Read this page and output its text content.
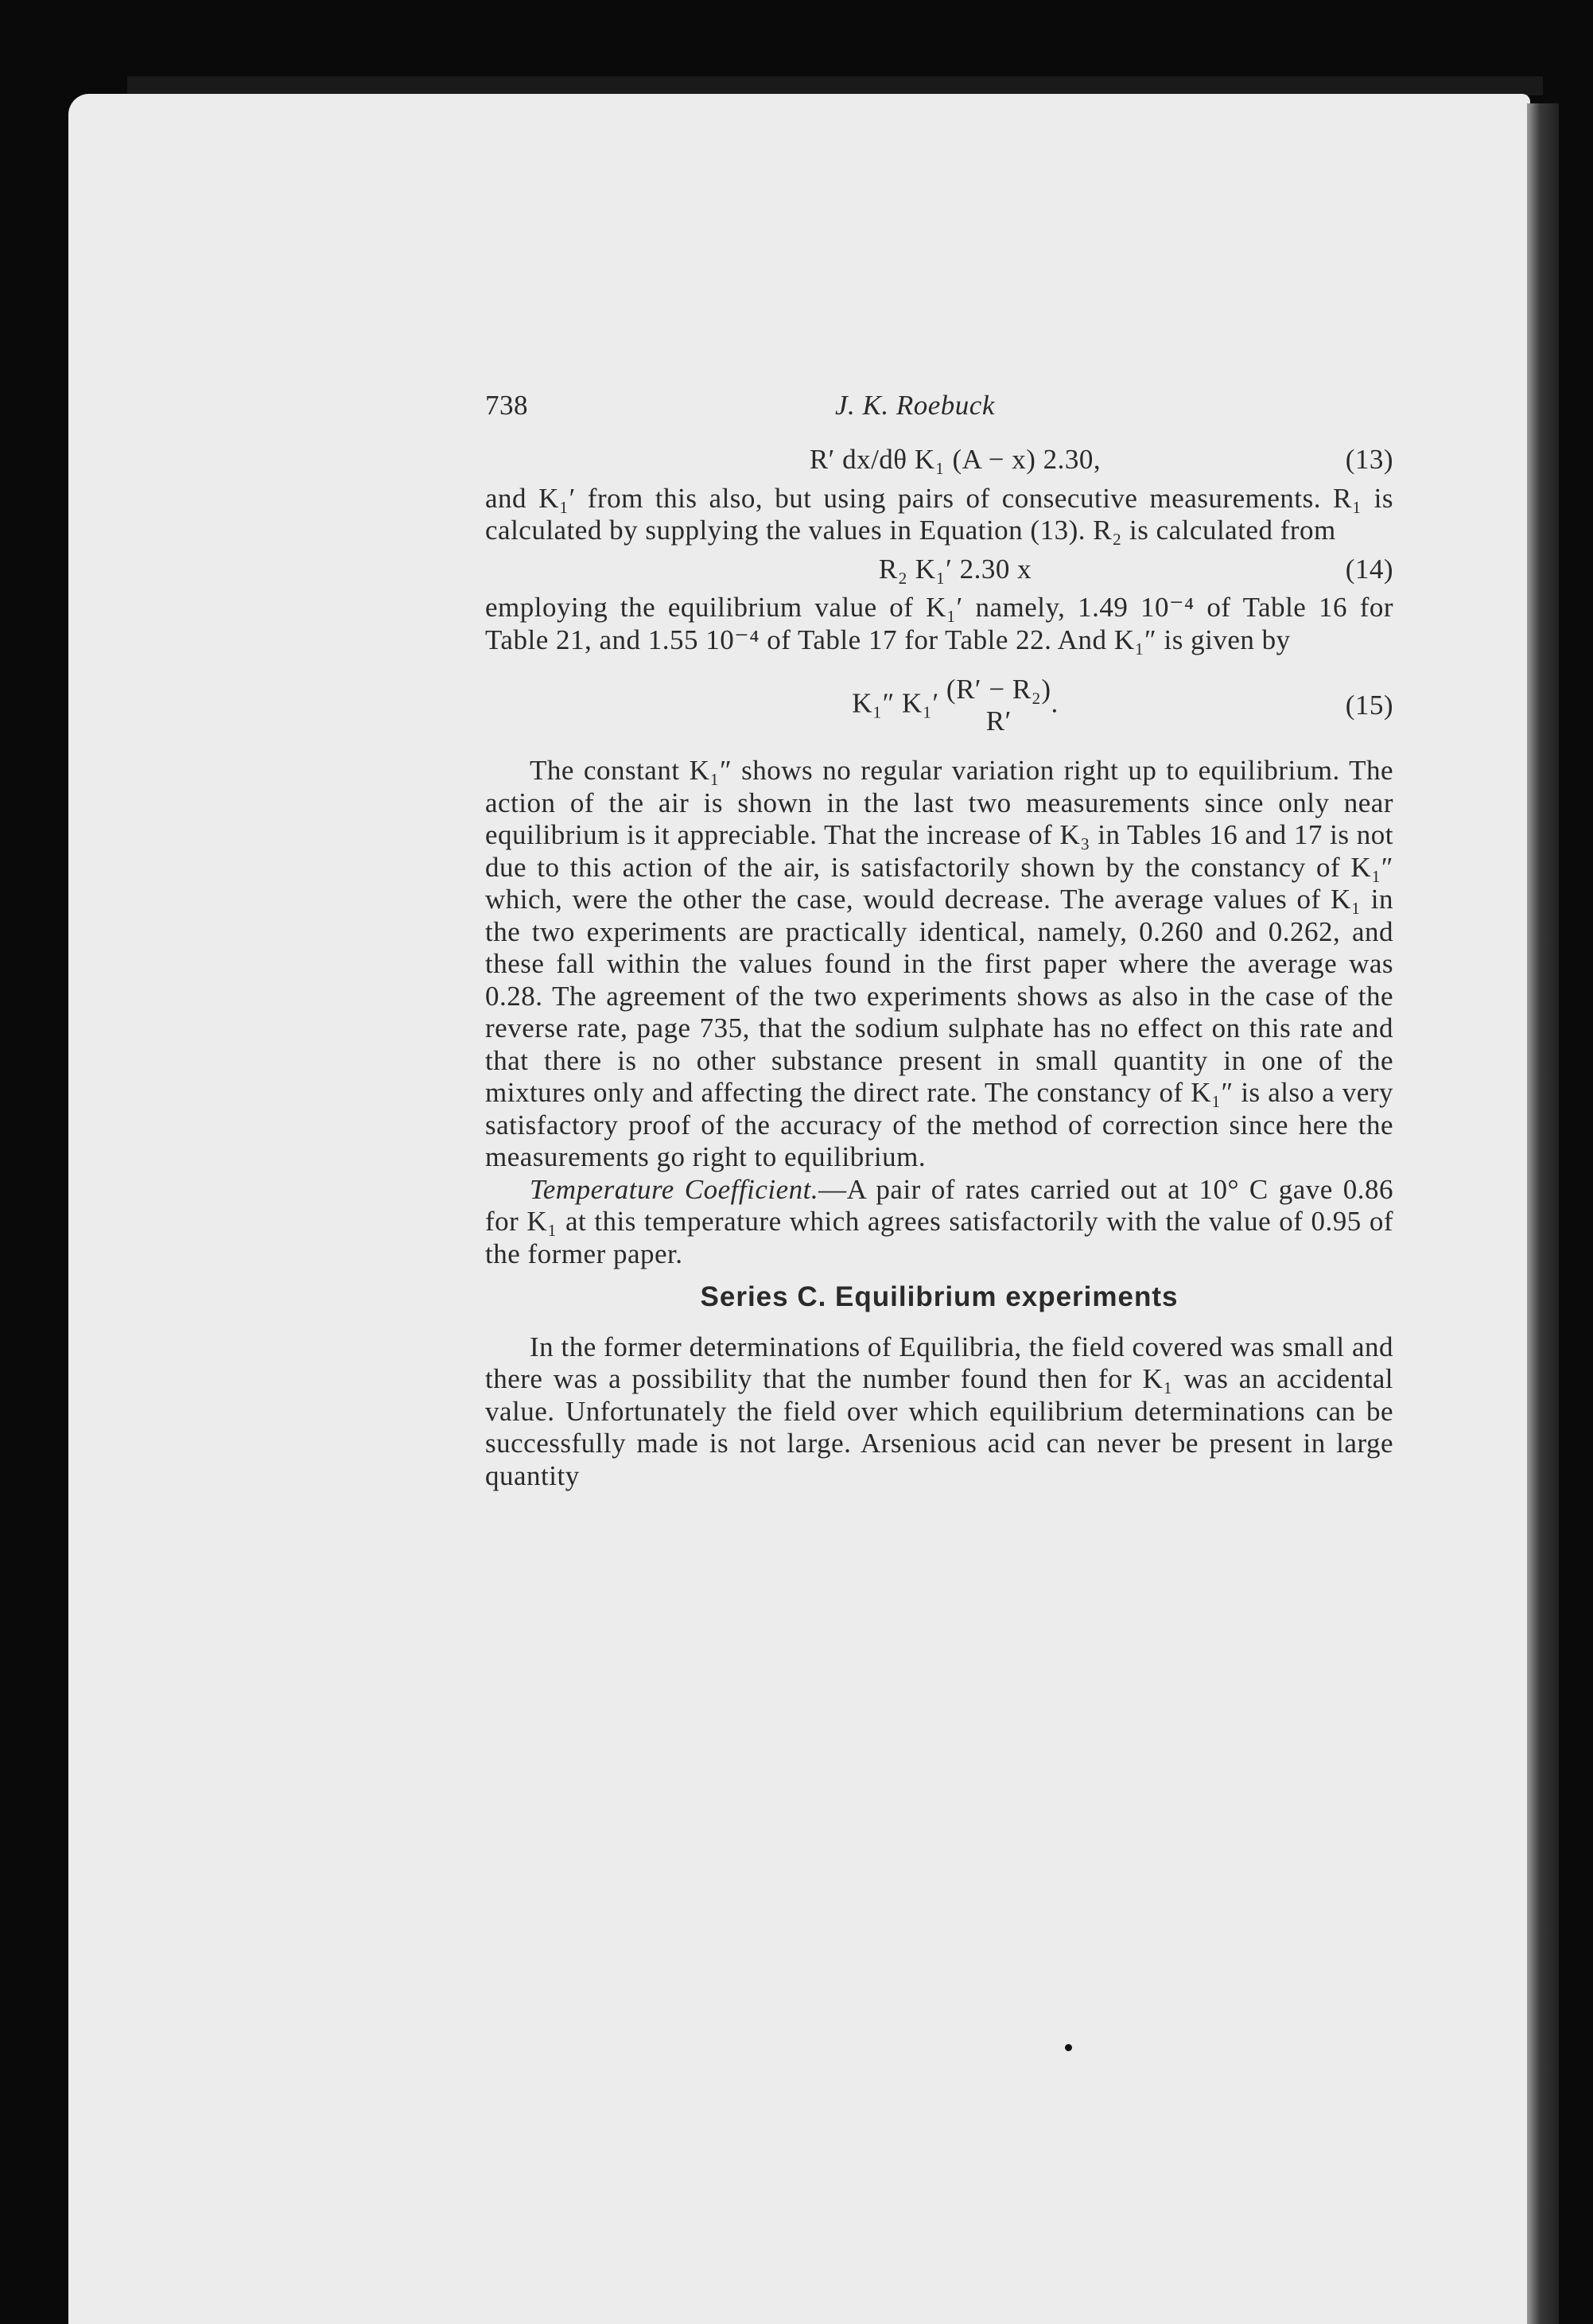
738	J. K. Roebuck
R′ dx/dθ K₁ (A − x) 2.30,	(13)

and K₁′ from this also, but using pairs of consecutive measurements. R₁ is calculated by supplying the values in Equation (13). R₂ is calculated from

R₂ K₁′ 2.30 x	(14)

employing the equilibrium value of K₁′ namely, 1.49 10⁻⁴ of Table 16 for Table 21, and 1.55 10⁻⁴ of Table 17 for Table 22. And K₁″ is given by

K₁″ K₁′ (R′ − R₂)
R′
.	(15)

The constant K₁″ shows no regular variation right up to equilibrium. The action of the air is shown in the last two measurements since only near equilibrium is it appreciable. That the increase of K₃ in Tables 16 and 17 is not due to this action of the air, is satisfactorily shown by the constancy of K₁″ which, were the other the case, would decrease. The average values of K₁ in the two experiments are practically identical, namely, 0.260 and 0.262, and these fall within the values found in the first paper where the average was 0.28. The agreement of the two experiments shows as also in the case of the reverse rate, page 735, that the sodium sulphate has no effect on this rate and that there is no other substance present in small quantity in one of the mixtures only and affecting the direct rate. The constancy of K₁″ is also a very satisfactory proof of the accuracy of the method of correction since here the measurements go right to equilibrium.

Temperature Coefficient.—A pair of rates carried out at 10° C gave 0.86 for K₁ at this temperature which agrees satisfactorily with the value of 0.95 of the former paper.

Series C. Equilibrium experiments

In the former determinations of Equilibria, the field covered was small and there was a possibility that the number found then for K₁ was an accidental value. Unfortunately the field over which equilibrium determinations can be successfully made is not large. Arsenious acid can never be present in large quantity
